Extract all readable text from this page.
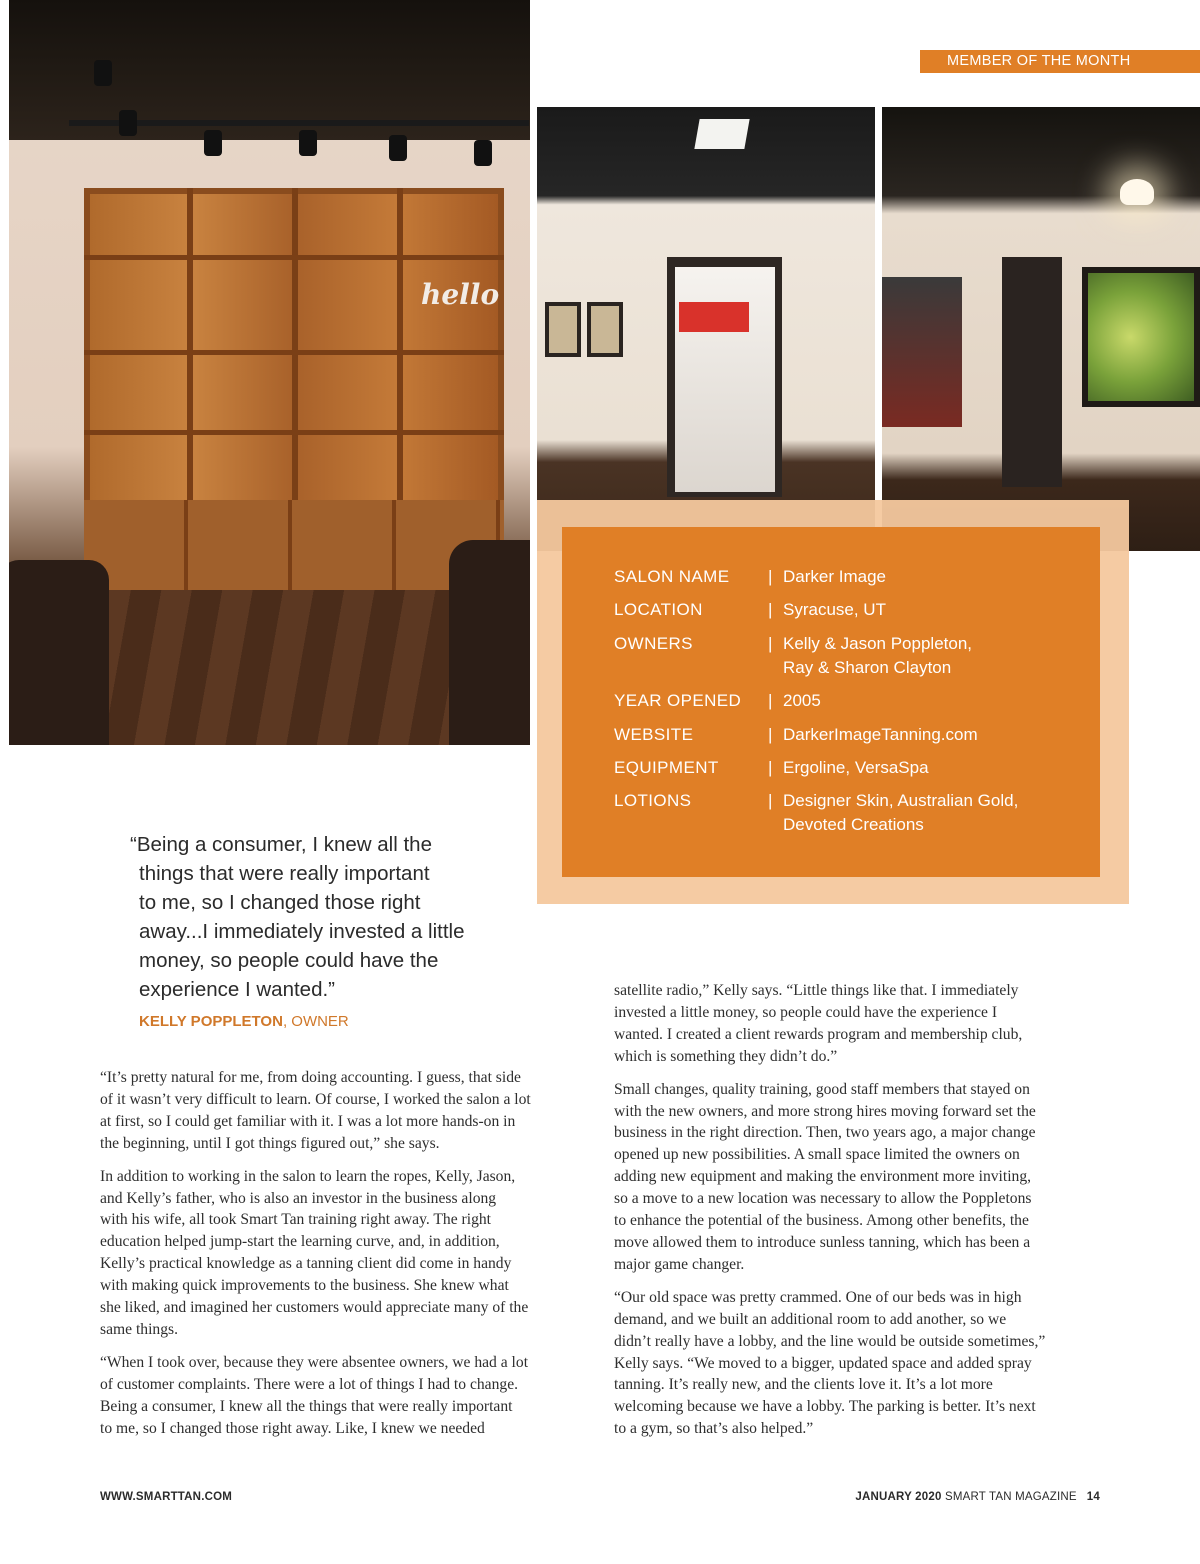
hello
MEMBER OF THE MONTH
SALON NAME	| Darker Image
LOCATION	| Syracuse, UT
OWNERS	| Kelly & Jason Poppleton,
Ray & Sharon Clayton
YEAR OPENED	| 2005
WEBSITE	| DarkerImageTanning.com
EQUIPMENT	| Ergoline, VersaSpa
LOTIONS	| Designer Skin, Australian Gold,
Devoted Creations
“Being a consumer, I knew all the
things that were really important
to me, so I changed those right
away...I immediately invested a little
money, so people could have the
experience I wanted.”
KELLY POPPLETON, OWNER

“It’s pretty natural for me, from doing accounting. I guess, that side
of it wasn’t very difficult to learn. Of course, I worked the salon a lot
at first, so I could get familiar with it. I was a lot more hands-on in
the beginning, until I got things figured out,” she says.

In addition to working in the salon to learn the ropes, Kelly, Jason,
and Kelly’s father, who is also an investor in the business along
with his wife, all took Smart Tan training right away. The right
education helped jump-start the learning curve, and, in addition,
Kelly’s practical knowledge as a tanning client did come in handy
with making quick improvements to the business. She knew what
she liked, and imagined her customers would appreciate many of the
same things.

“When I took over, because they were absentee owners, we had a lot
of customer complaints. There were a lot of things I had to change.
Being a consumer, I knew all the things that were really important
to me, so I changed those right away. Like, I knew we needed

satellite radio,” Kelly says. “Little things like that. I immediately
invested a little money, so people could have the experience I
wanted. I created a client rewards program and membership club,
which is something they didn’t do.”

Small changes, quality training, good staff members that stayed on
with the new owners, and more strong hires moving forward set the
business in the right direction. Then, two years ago, a major change
opened up new possibilities. A small space limited the owners on
adding new equipment and making the environment more inviting,
so a move to a new location was necessary to allow the Poppletons
to enhance the potential of the business. Among other benefits, the
move allowed them to introduce sunless tanning, which has been a
major game changer.

“Our old space was pretty crammed. One of our beds was in high
demand, and we built an additional room to add another, so we
didn’t really have a lobby, and the line would be outside sometimes,”
Kelly says. “We moved to a bigger, updated space and added spray
tanning. It’s really new, and the clients love it. It’s a lot more
welcoming because we have a lobby. The parking is better. It’s next
to a gym, so that’s also helped.”

WWW.SMARTTAN.COM	JANUARY 2020 SMART TAN MAGAZINE 14
